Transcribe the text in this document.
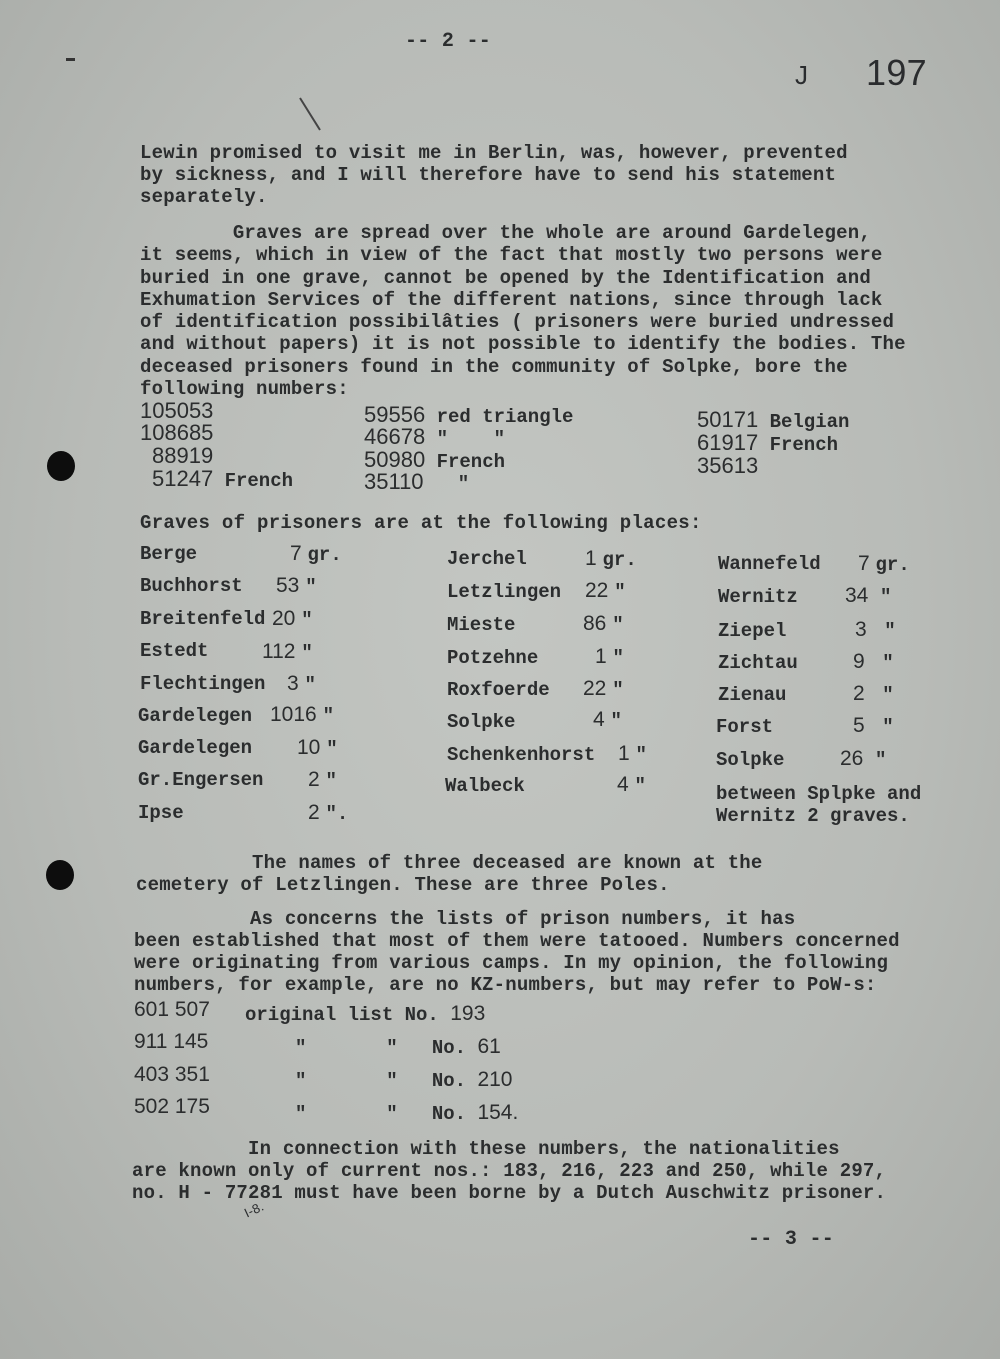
-- 2 --
J 197
Lewin promised to visit me in Berlin, was, however, prevented
by sickness, and I will therefore have to send his statement
separately.
Graves are spread over the whole are around Gardelegen,
it seems, which in view of the fact that mostly two persons were
buried in one grave, cannot be opened by the Identification and
Exhumation Services of the different nations, since through lack
of identification possibilâties ( prisoners were buried undressed
and without papers) it is not possible to identify the bodies. The
deceased prisoners found in the community of Solpke, bore the
following numbers:
105053
108685
88919
51247 French
59556 red triangle
46678 "    "
50980 French
35110 "
50171 Belgian
61917 French
35613
Graves of prisoners are at the following places:
Berge	7 gr.
Buchhorst 53 "
Breitenfeld 20 "
Estedt	112 "
Flechtingen 3 "
Gardelegen 1016 "
Gardelegen 10 "
Gr.Engersen 2 "
Ipse	2 ".
Jerchel	1 gr.
Letzlingen 22 "
Mieste	86 "
Potzehne	1 "
Roxfoerde 22 "
Solpke	4 "
Schenkenhorst 1 "
Walbeck	4 "
Wannefeld 7 gr.
Wernitz 34 "
Ziepel	3 "
Zichtau	9 "
Zienau	2 "
Forst	5 "
Solpke	26 "
between Splpke and
Wernitz 2 graves.
The names of three deceased are known at the
cemetery of Letzlingen. These are three Poles.
As concerns the lists of prison numbers, it has
been established that most of them were tatooed. Numbers concerned
were originating from various camps. In my opinion, the following
numbers, for example, are no KZ-numbers, but may refer to PoW-s:
601 507 original list No. 193
911 145	"       "   No. 61
403 351	"       "   No. 210
502 175	"       "   No. 154.
In connection with these numbers, the nationalities
are known only of current nos.: 183, 216, 223 and 250, while 297,
no. H - 77281 must have been borne by a Dutch Auschwitz prisoner.
I-8.
-- 3 --
